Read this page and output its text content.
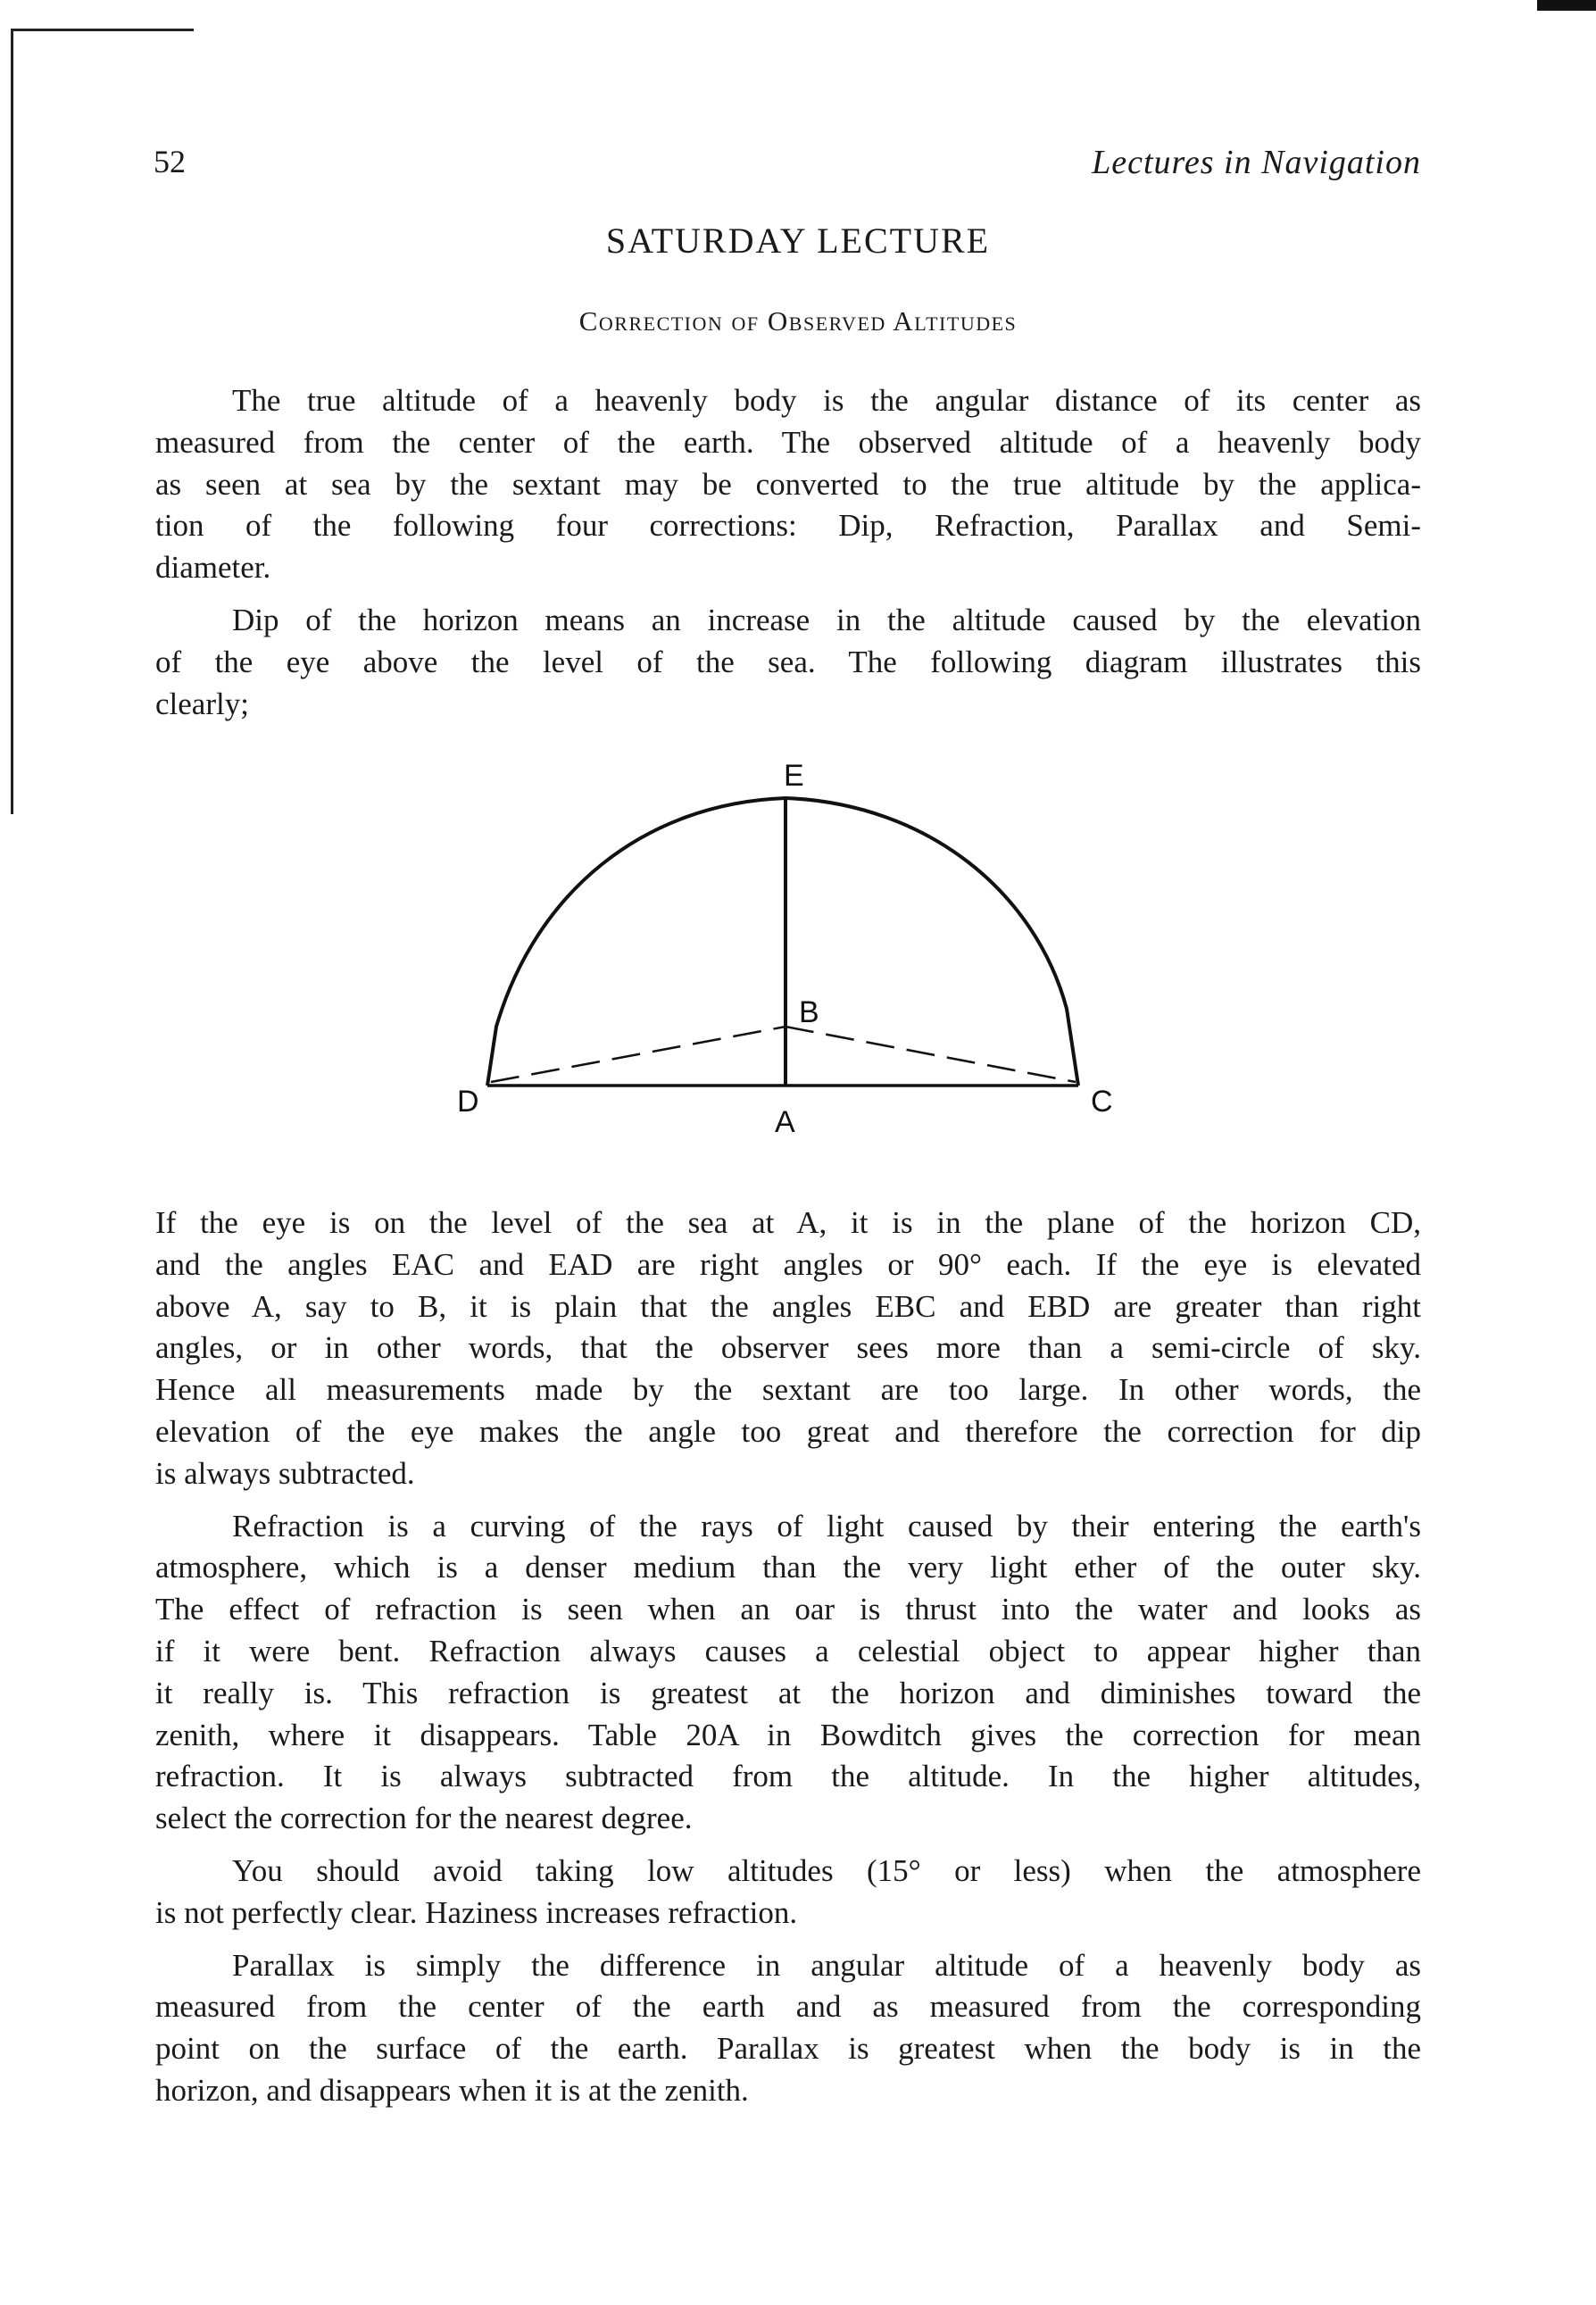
52	Lectures in Navigation
SATURDAY LECTURE
Correction of Observed Altitudes
The true altitude of a heavenly body is the angular distance of its center as
measured from the center of the earth. The observed altitude of a heavenly body
as seen at sea by the sextant may be converted to the true altitude by the applica-
tion of the following four corrections: Dip, Refraction, Parallax and Semi-
diameter.
Dip of the horizon means an increase in the altitude caused by the elevation
of the eye above the level of the sea. The following diagram illustrates this
clearly;
E
B
D
A
C
If the eye is on the level of the sea at A, it is in the plane of the horizon CD,
and the angles EAC and EAD are right angles or 90° each. If the eye is elevated
above A, say to B, it is plain that the angles EBC and EBD are greater than right
angles, or in other words, that the observer sees more than a semi-circle of sky.
Hence all measurements made by the sextant are too large. In other words, the
elevation of the eye makes the angle too great and therefore the correction for dip
is always subtracted.
Refraction is a curving of the rays of light caused by their entering the earth's
atmosphere, which is a denser medium than the very light ether of the outer sky.
The effect of refraction is seen when an oar is thrust into the water and looks as
if it were bent. Refraction always causes a celestial object to appear higher than
it really is. This refraction is greatest at the horizon and diminishes toward the
zenith, where it disappears. Table 20A in Bowditch gives the correction for mean
refraction. It is always subtracted from the altitude. In the higher altitudes,
select the correction for the nearest degree.
You should avoid taking low altitudes (15° or less) when the atmosphere
is not perfectly clear. Haziness increases refraction.
Parallax is simply the difference in angular altitude of a heavenly body as
measured from the center of the earth and as measured from the corresponding
point on the surface of the earth. Parallax is greatest when the body is in the
horizon, and disappears when it is at the zenith.
